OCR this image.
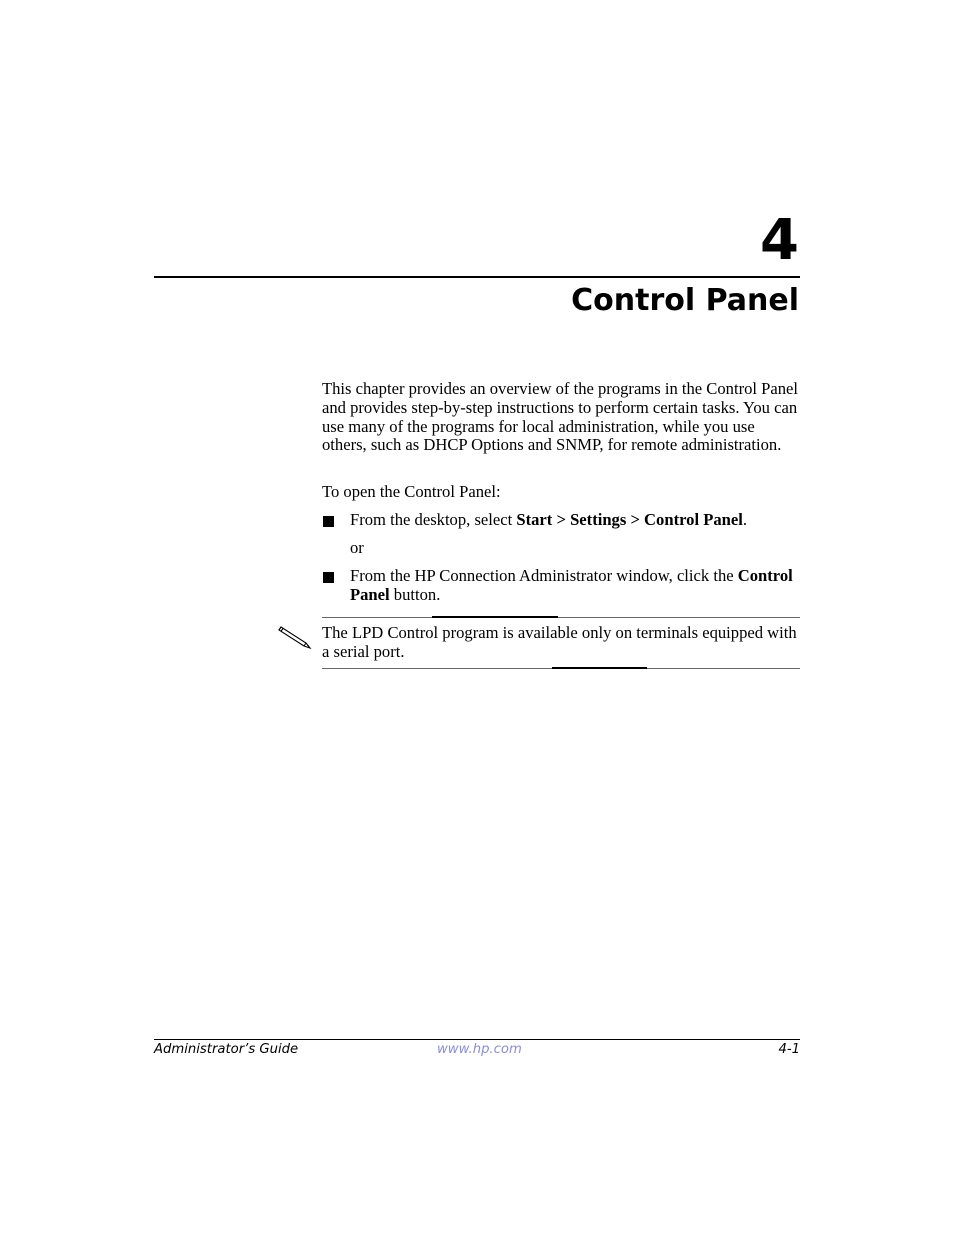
4
Control Panel

This chapter provides an overview of the programs in the Control Panel and provides step-by-step instructions to perform certain tasks. You can use many of the programs for local administration, while you use others, such as DHCP Options and SNMP, for remote administration.

To open the Control Panel:

From the desktop, select Start > Settings > Control Panel.
or
From the HP Connection Administrator window, click the Control Panel button.
The LPD Control program is available only on terminals equipped with a serial port.
Administrator’s Guide	www.hp.com	4-1
